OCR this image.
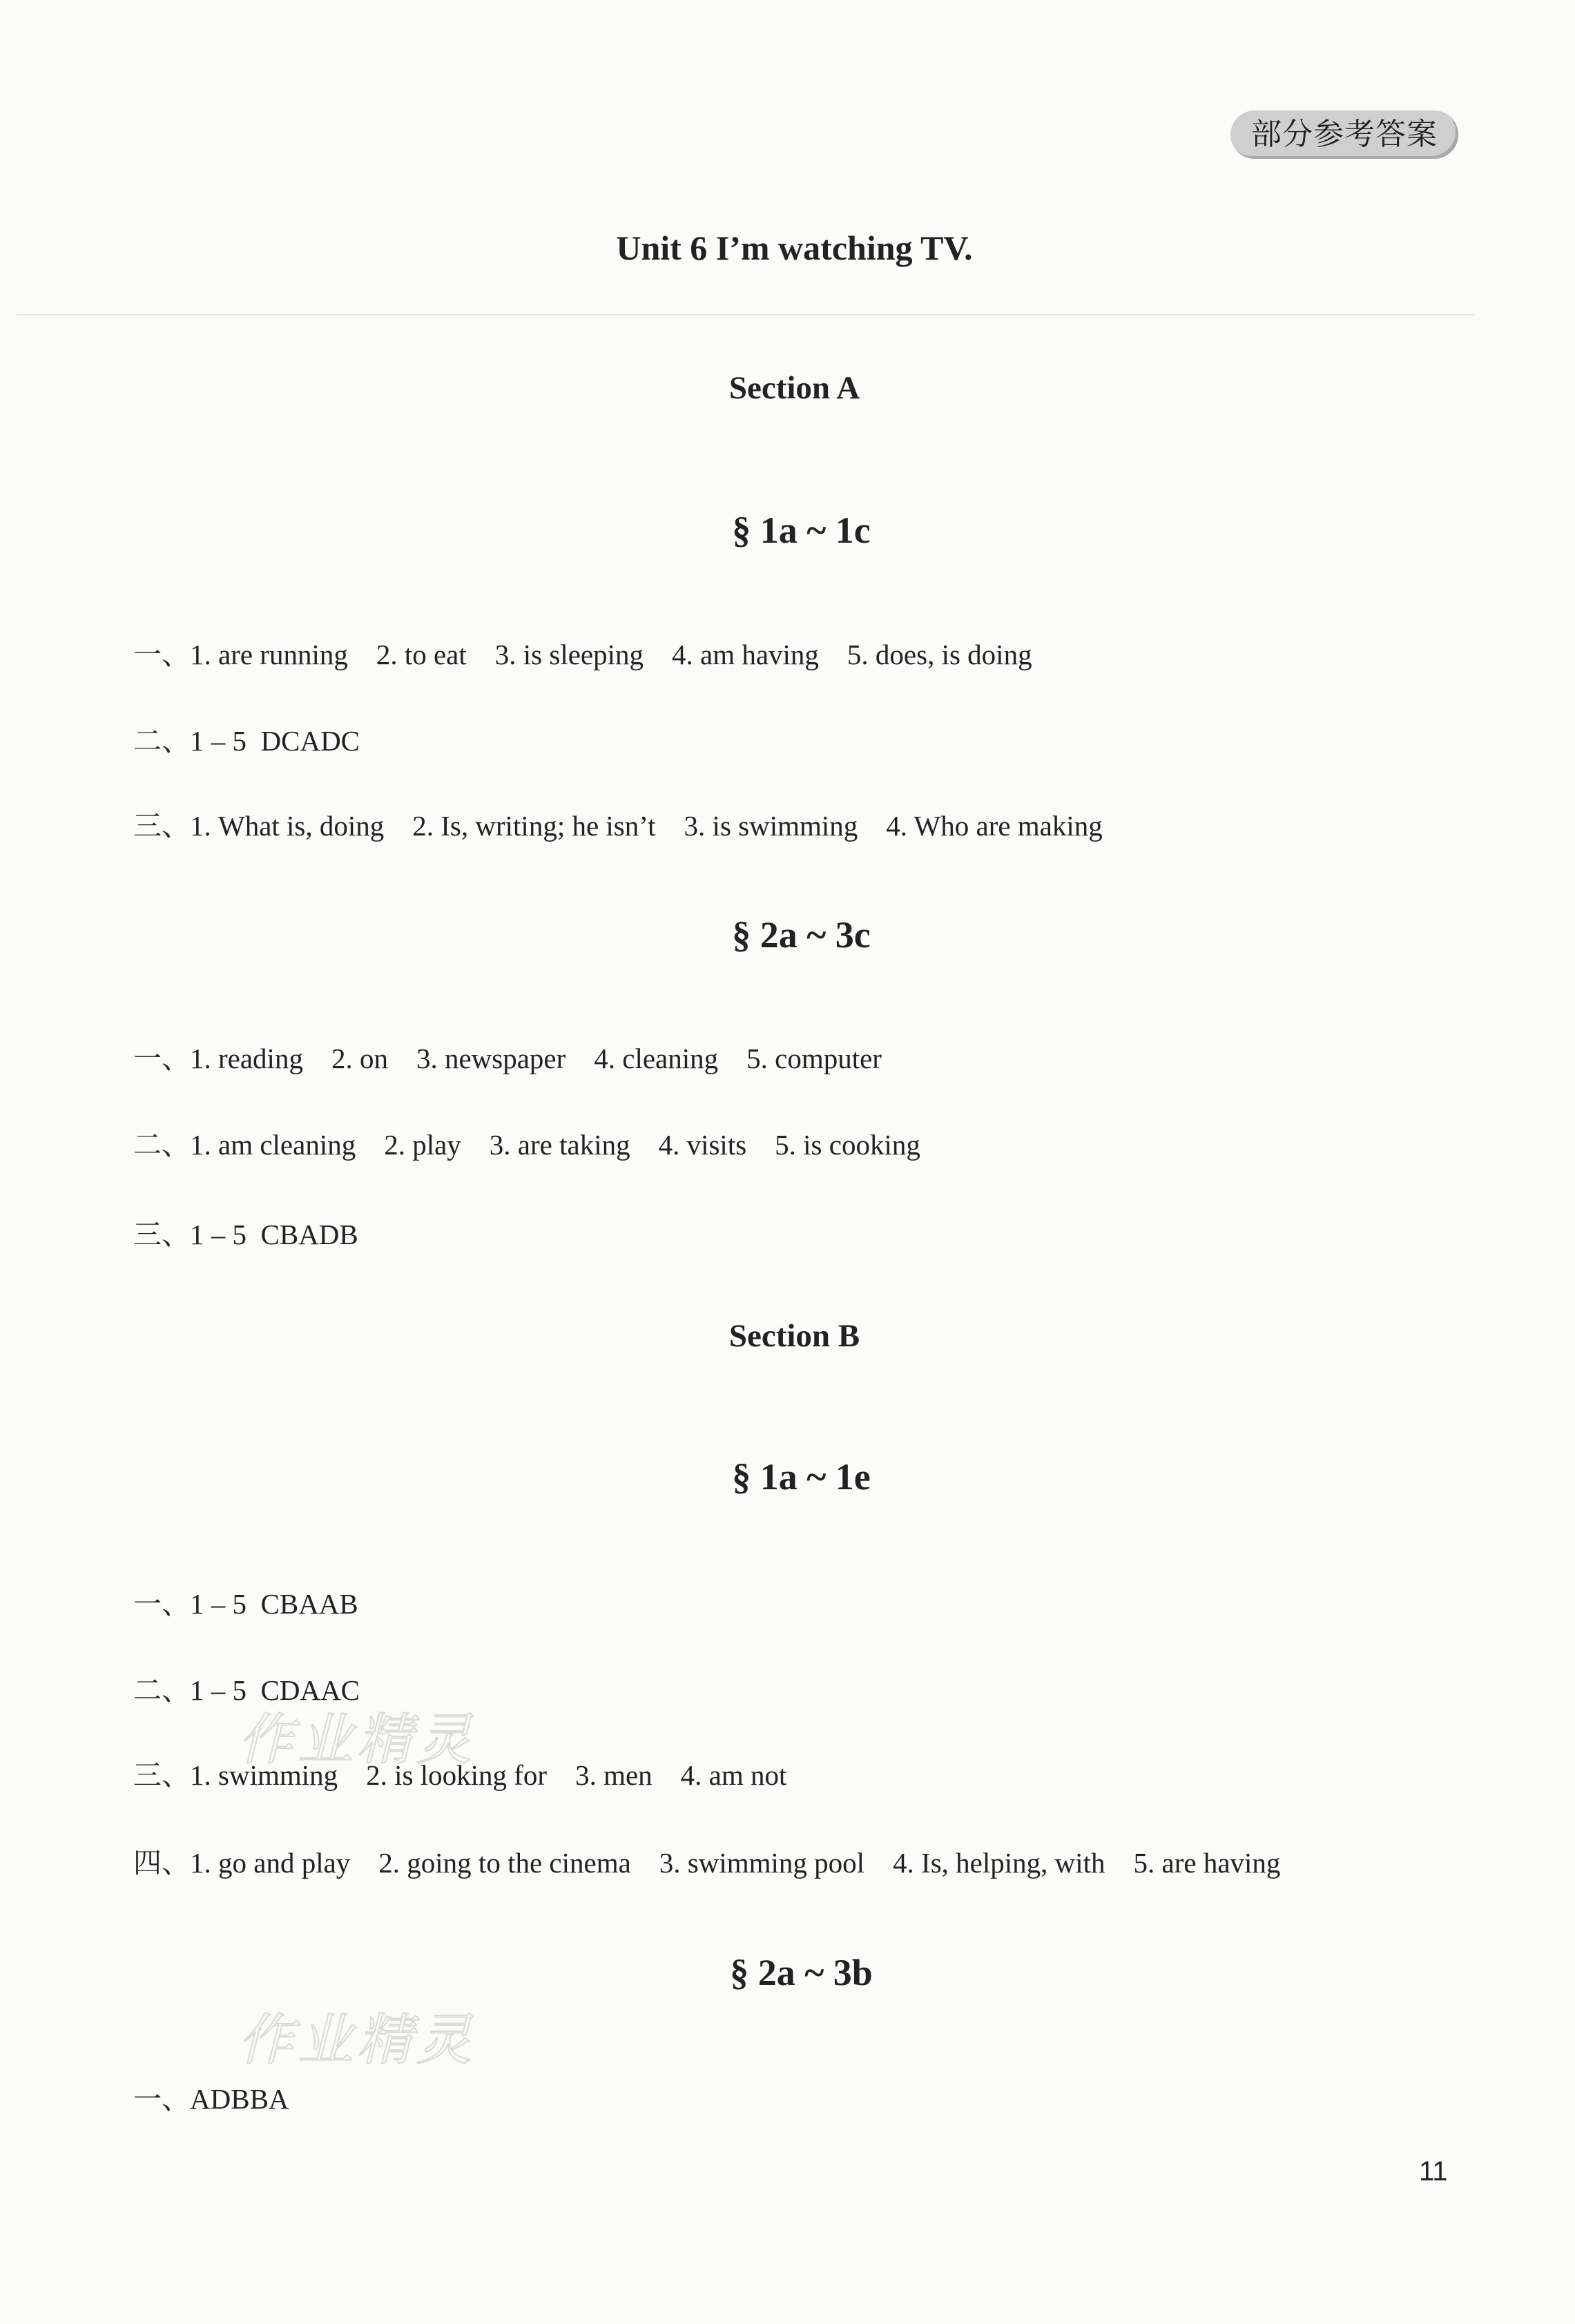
部分参考答案
Unit 6 I’m watching TV.
Section A
§ 1a ~ 1c
一、1. are running    2. to eat    3. is sleeping    4. am having    5. does, is doing
二、1 – 5  DCADC
三、1. What is, doing    2. Is, writing; he isn’t    3. is swimming    4. Who are making
§ 2a ~ 3c
一、1. reading    2. on    3. newspaper    4. cleaning    5. computer
二、1. am cleaning    2. play    3. are taking    4. visits    5. is cooking
三、1 – 5  CBADB
Section B
§ 1a ~ 1e
一、1 – 5  CBAAB
二、1 – 5  CDAAC
三、1. swimming    2. is looking for    3. men    4. am not
四、1. go and play    2. going to the cinema    3. swimming pool    4. Is, helping, with    5. are having
§ 2a ~ 3b
一、ADBBA
作业精灵
作业精灵
11
